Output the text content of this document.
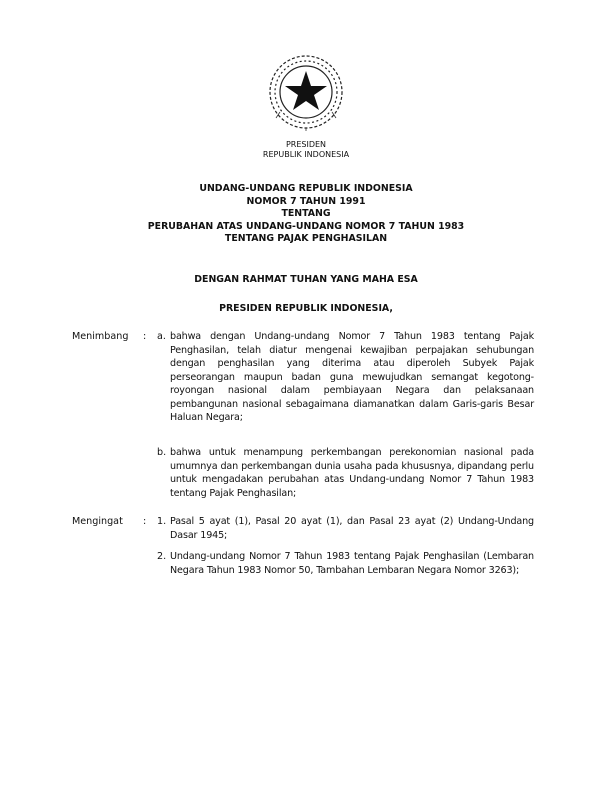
PRESIDEN
REPUBLIK INDONESIA
UNDANG-UNDANG REPUBLIK INDONESIA
NOMOR 7 TAHUN 1991
TENTANG
PERUBAHAN ATAS UNDANG-UNDANG NOMOR 7 TAHUN 1983
TENTANG PAJAK PENGHASILAN
DENGAN RAHMAT TUHAN YANG MAHA ESA
PRESIDEN REPUBLIK INDONESIA,
Menimbang : a. bahwa dengan Undang-undang Nomor 7 Tahun 1983 tentang Pajak Penghasilan, telah diatur mengenai kewajiban perpajakan sehubungan dengan penghasilan yang diterima atau diperoleh Subyek Pajak perseorangan maupun badan guna mewujudkan semangat kegotong-royongan nasional dalam pembiayaan Negara dan pelaksanaan pembangunan nasional sebagaimana diamanatkan dalam Garis-garis Besar Haluan Negara;
b. bahwa untuk menampung perkembangan perekonomian nasional pada umumnya dan perkembangan dunia usaha pada khususnya, dipandang perlu untuk mengadakan perubahan atas Undang-undang Nomor 7 Tahun 1983 tentang Pajak Penghasilan;
Mengingat : 1. Pasal 5 ayat (1), Pasal 20 ayat (1), dan Pasal 23 ayat (2) Undang-Undang Dasar 1945;
2. Undang-undang Nomor 7 Tahun 1983 tentang Pajak Penghasilan (Lembaran Negara Tahun 1983 Nomor 50, Tambahan Lembaran Negara Nomor 3263);
